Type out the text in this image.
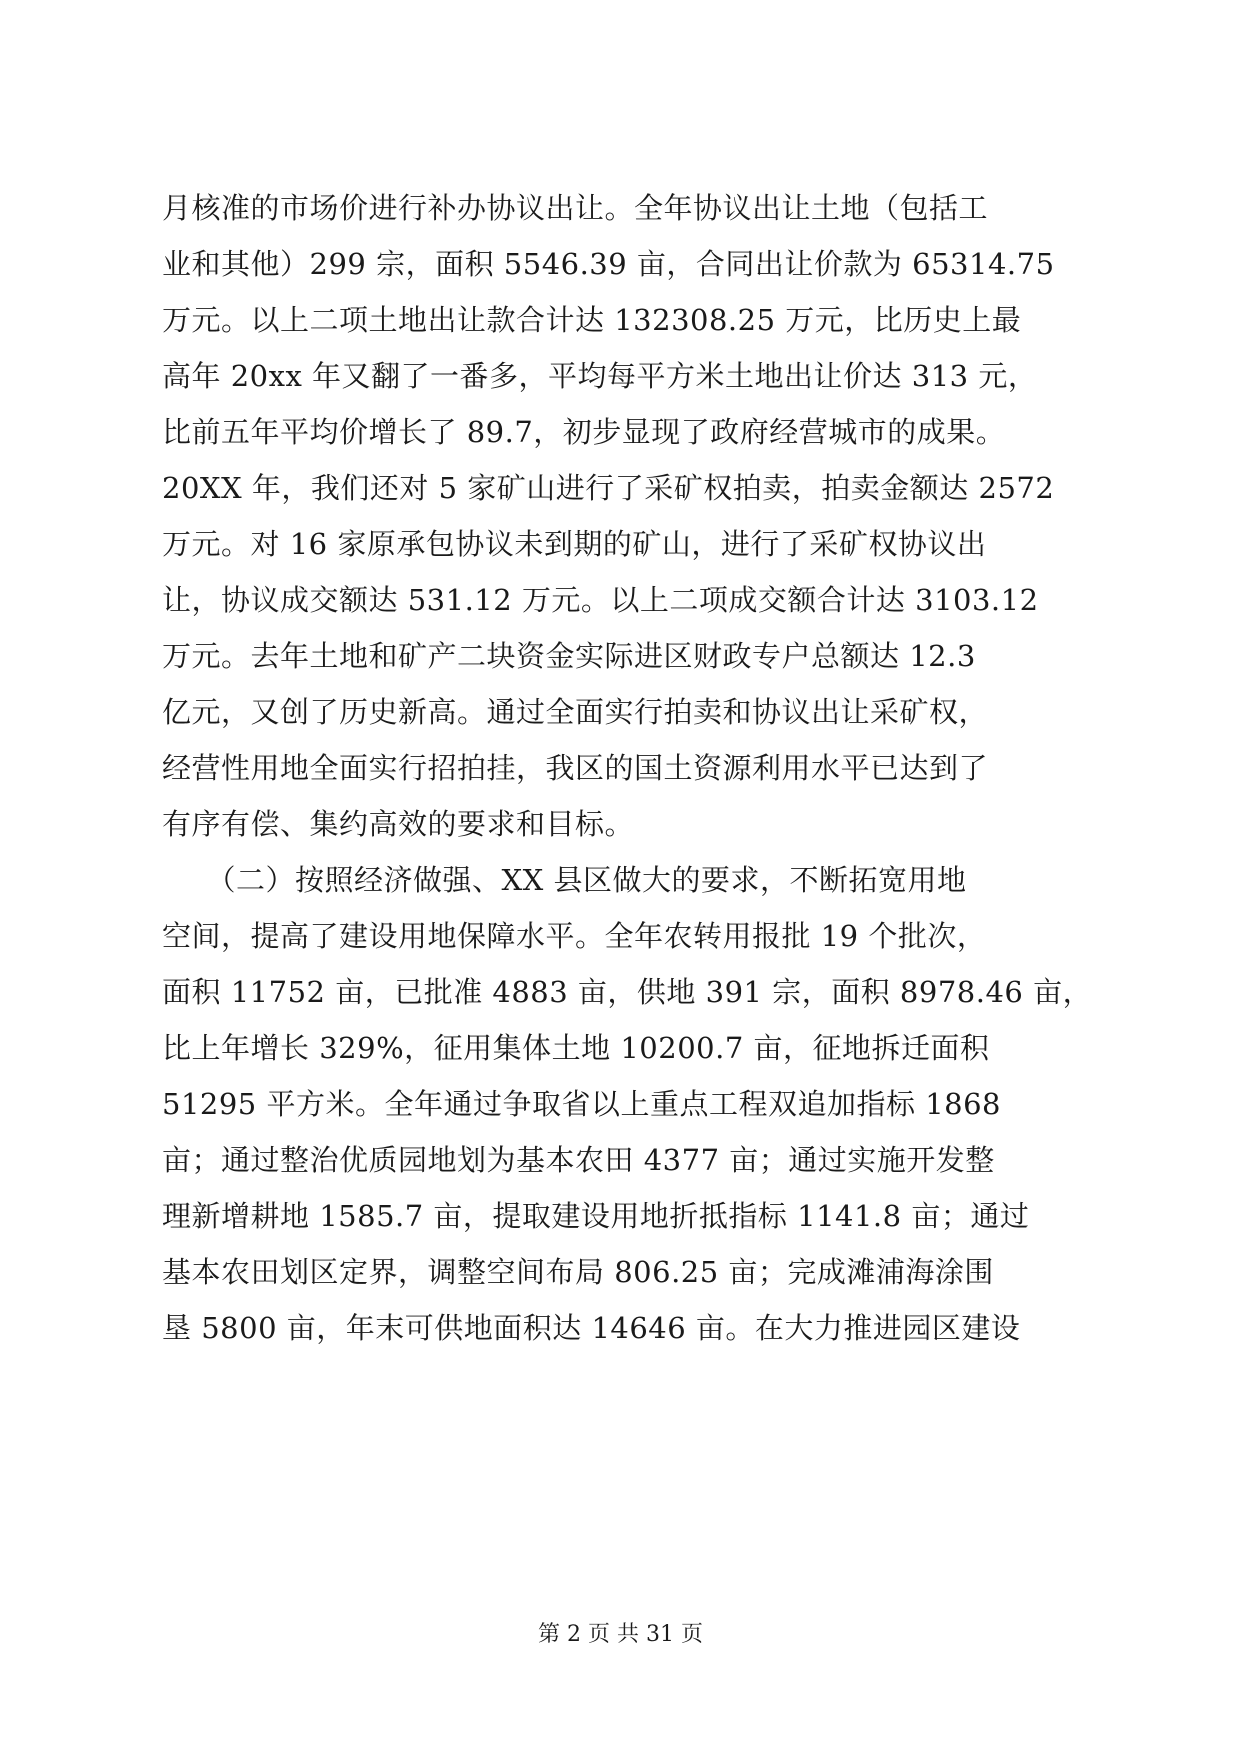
月核准的市场价进行补办协议出让。全年协议出让土地（包括工
业和其他）299 宗，面积 5546.39 亩，合同出让价款为 65314.75
万元。以上二项土地出让款合计达 132308.25 万元，比历史上最
高年 20xx 年又翻了一番多，平均每平方米土地出让价达 313 元，
比前五年平均价增长了 89.7，初步显现了政府经营城市的成果。
20XX 年，我们还对 5 家矿山进行了采矿权拍卖，拍卖金额达 2572
万元。对 16 家原承包协议未到期的矿山，进行了采矿权协议出
让，协议成交额达 531.12 万元。以上二项成交额合计达 3103.12
万元。去年土地和矿产二块资金实际进区财政专户总额达 12.3
亿元，又创了历史新高。通过全面实行拍卖和协议出让采矿权，
经营性用地全面实行招拍挂，我区的国土资源利用水平已达到了
有序有偿、集约高效的要求和目标。
　　（二）按照经济做强、XX 县区做大的要求，不断拓宽用地
空间，提高了建设用地保障水平。全年农转用报批 19 个批次，
面积 11752 亩，已批准 4883 亩，供地 391 宗，面积 8978.46 亩，
比上年增长 329%，征用集体土地 10200.7 亩，征地拆迁面积
51295 平方米。全年通过争取省以上重点工程双追加指标 1868
亩；通过整治优质园地划为基本农田 4377 亩；通过实施开发整
理新增耕地 1585.7 亩，提取建设用地折抵指标 1141.8 亩；通过
基本农田划区定界，调整空间布局 806.25 亩；完成滩浦海涂围
垦 5800 亩，年末可供地面积达 14646 亩。在大力推进园区建设
第 2 页 共 31 页
